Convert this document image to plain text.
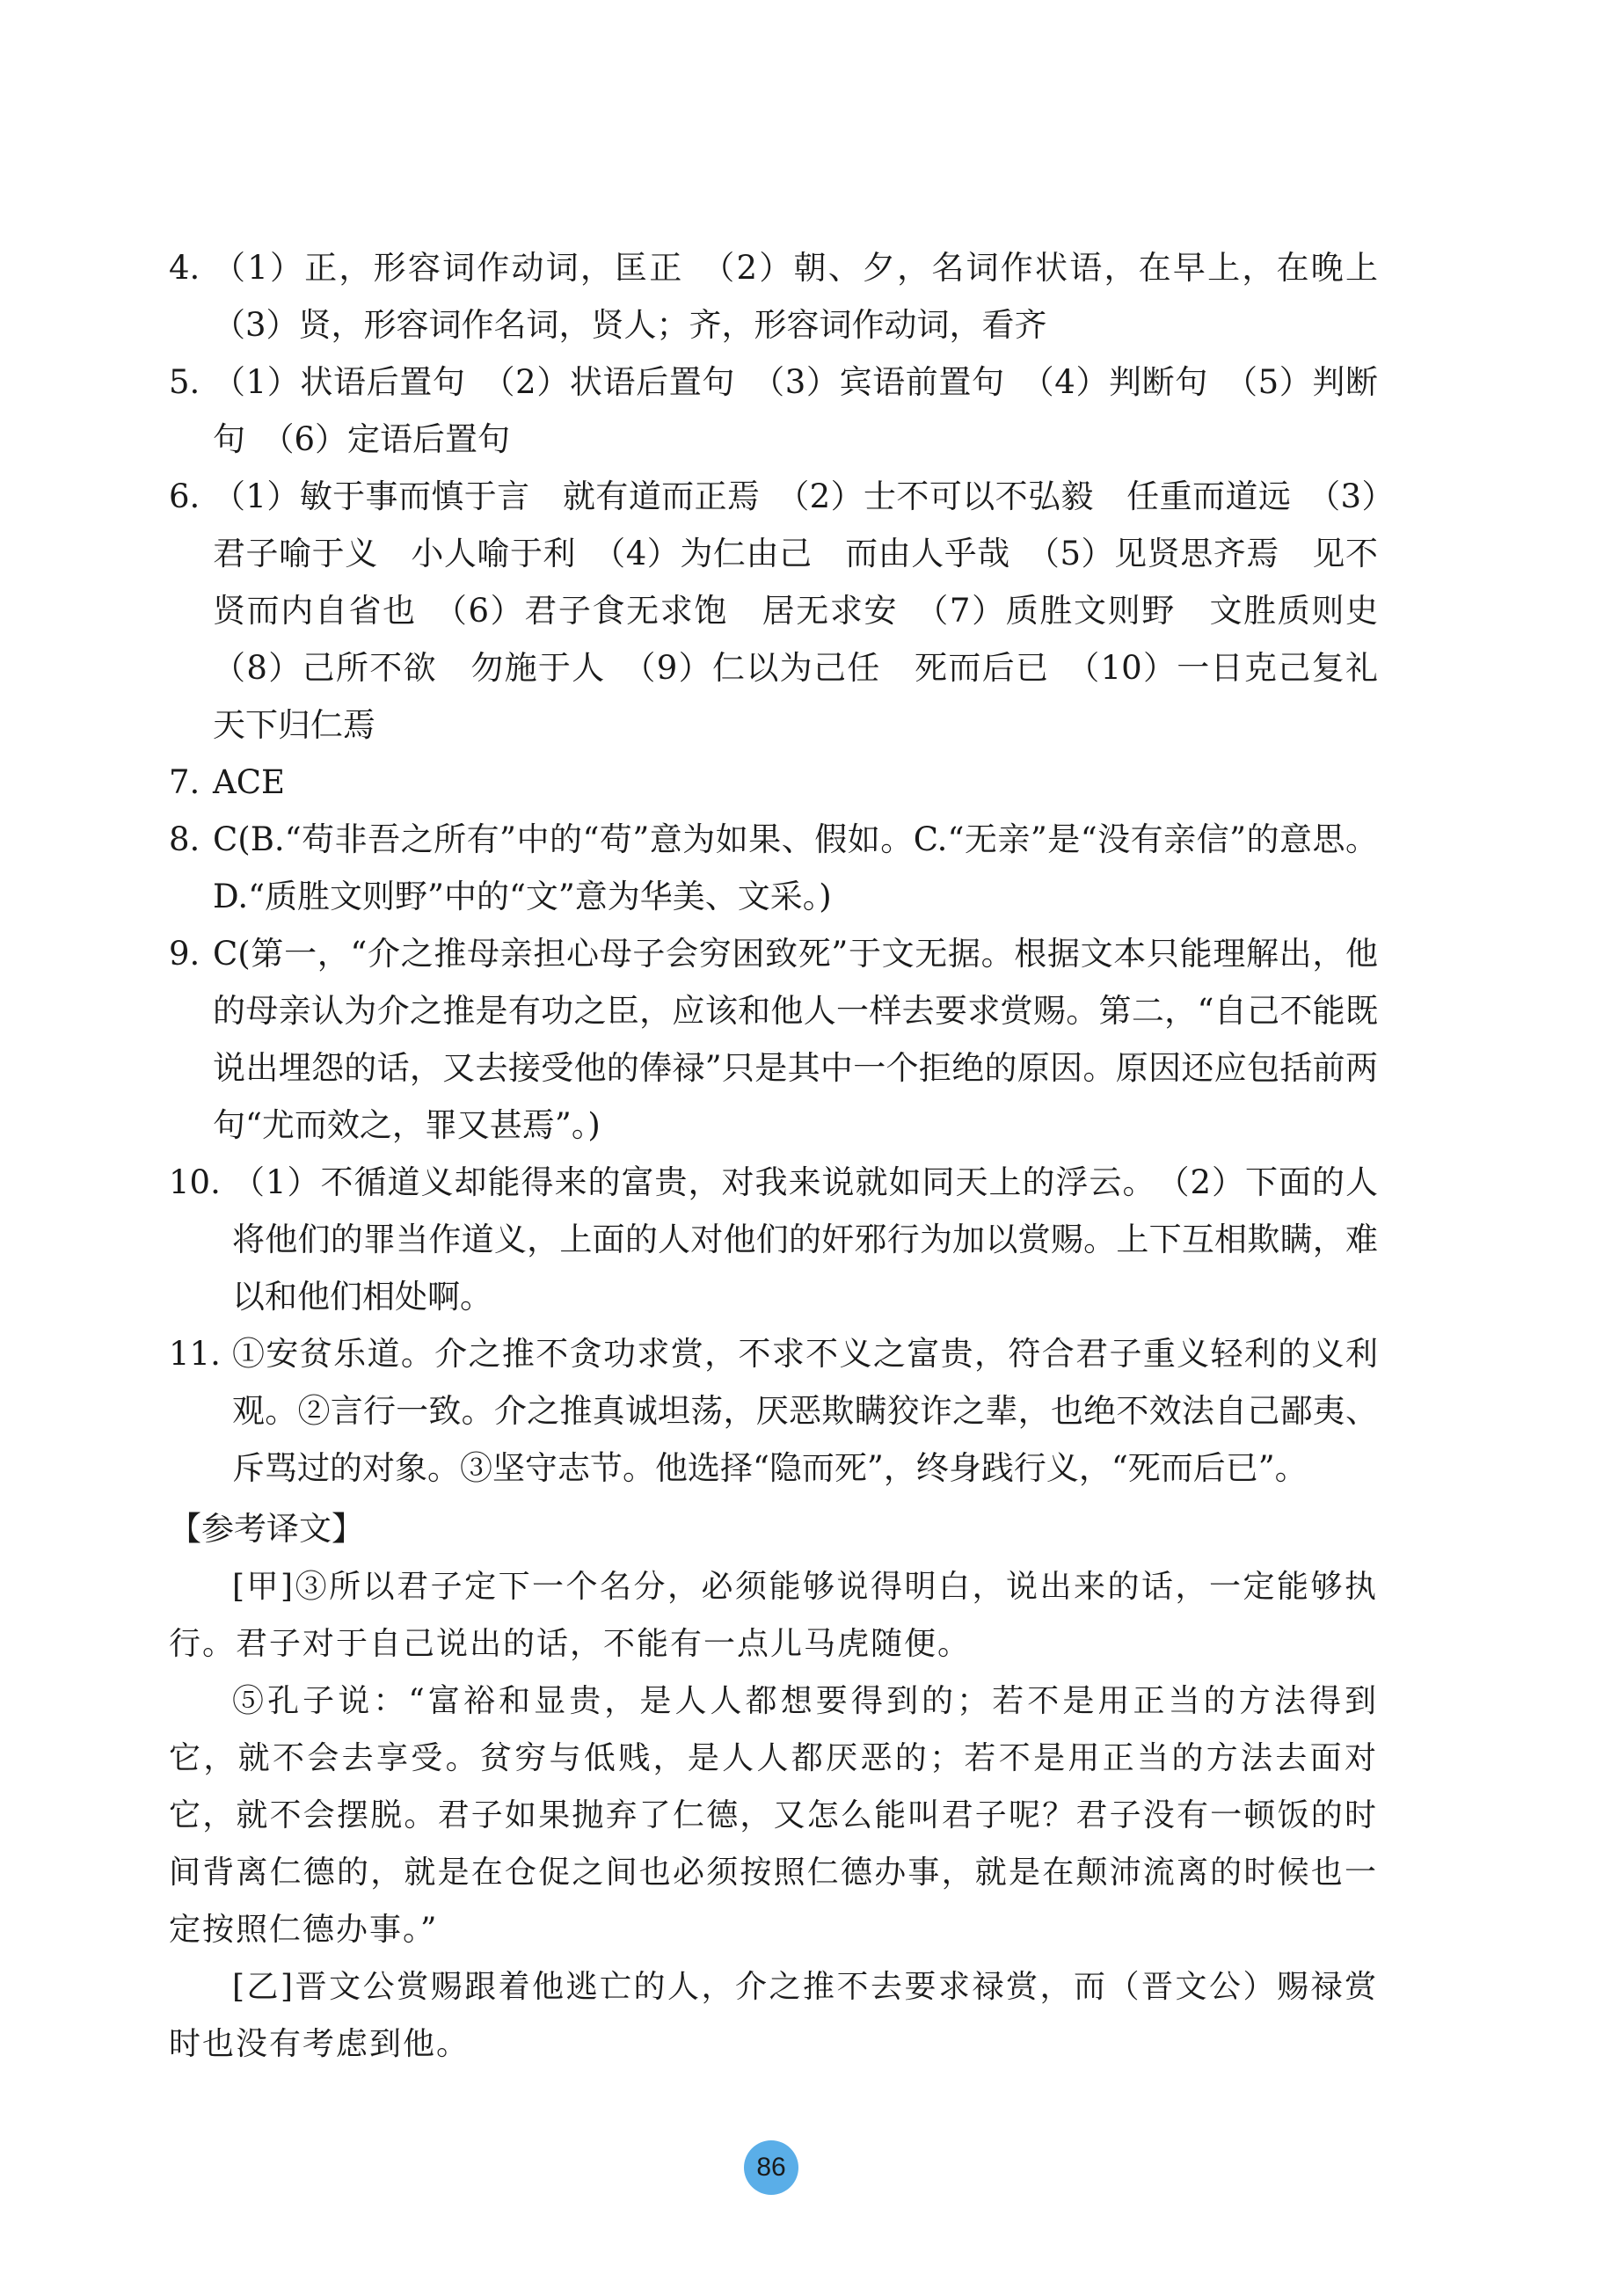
4. （1）正，形容词作动词，匡正　（2）朝、夕，名词作状语，在早上，在晚上　（3）贤，形容词作名词，贤人；齐，形容词作动词，看齐
5. （1）状语后置句　（2）状语后置句　（3）宾语前置句　（4）判断句　（5）判断句　（6）定语后置句
6. （1）敏于事而慎于言　就有道而正焉　（2）士不可以不弘毅　任重而道远　（3）君子喻于义　小人喻于利　（4）为仁由己　而由人乎哉　（5）见贤思齐焉　见不贤而内自省也　（6）君子食无求饱　居无求安　（7）质胜文则野　文胜质则史　（8）己所不欲　勿施于人　（9）仁以为己任　死而后已　（10）一日克己复礼　天下归仁焉
7. ACE
8. C(B.“苟非吾之所有”中的“苟”意为如果、假如。C.“无亲”是“没有亲信”的意思。D.“质胜文则野”中的“文”意为华美、文采。)
9. C(第一，“介之推母亲担心母子会穷困致死”于文无据。根据文本只能理解出，他的母亲认为介之推是有功之臣，应该和他人一样去要求赏赐。第二，“自己不能既说出埋怨的话，又去接受他的俸禄”只是其中一个拒绝的原因。原因还应包括前两句“尤而效之，罪又甚焉”。)
10. （1）不循道义却能得来的富贵，对我来说就如同天上的浮云。　（2）下面的人将他们的罪当作道义，上面的人对他们的奸邪行为加以赏赐。上下互相欺瞒，难以和他们相处啊。
11. ①安贫乐道。介之推不贪功求赏，不求不义之富贵，符合君子重义轻利的义利观。②言行一致。介之推真诚坦荡，厌恶欺瞒狡诈之辈，也绝不效法自己鄙夷、斥骂过的对象。③坚守志节。他选择“隐而死”，终身践行义，“死而后已”。
【参考译文】

[甲]③所以君子定下一个名分，必须能够说得明白，说出来的话，一定能够执行。君子对于自己说出的话，不能有一点儿马虎随便。

⑤孔子说：“富裕和显贵，是人人都想要得到的；若不是用正当的方法得到它，就不会去享受。贫穷与低贱，是人人都厌恶的；若不是用正当的方法去面对它，就不会摆脱。君子如果抛弃了仁德，又怎么能叫君子呢？君子没有一顿饭的时间背离仁德的，就是在仓促之间也必须按照仁德办事，就是在颠沛流离的时候也一定按照仁德办事。”

[乙]晋文公赏赐跟着他逃亡的人，介之推不去要求禄赏，而（晋文公）赐禄赏时也没有考虑到他。

86
